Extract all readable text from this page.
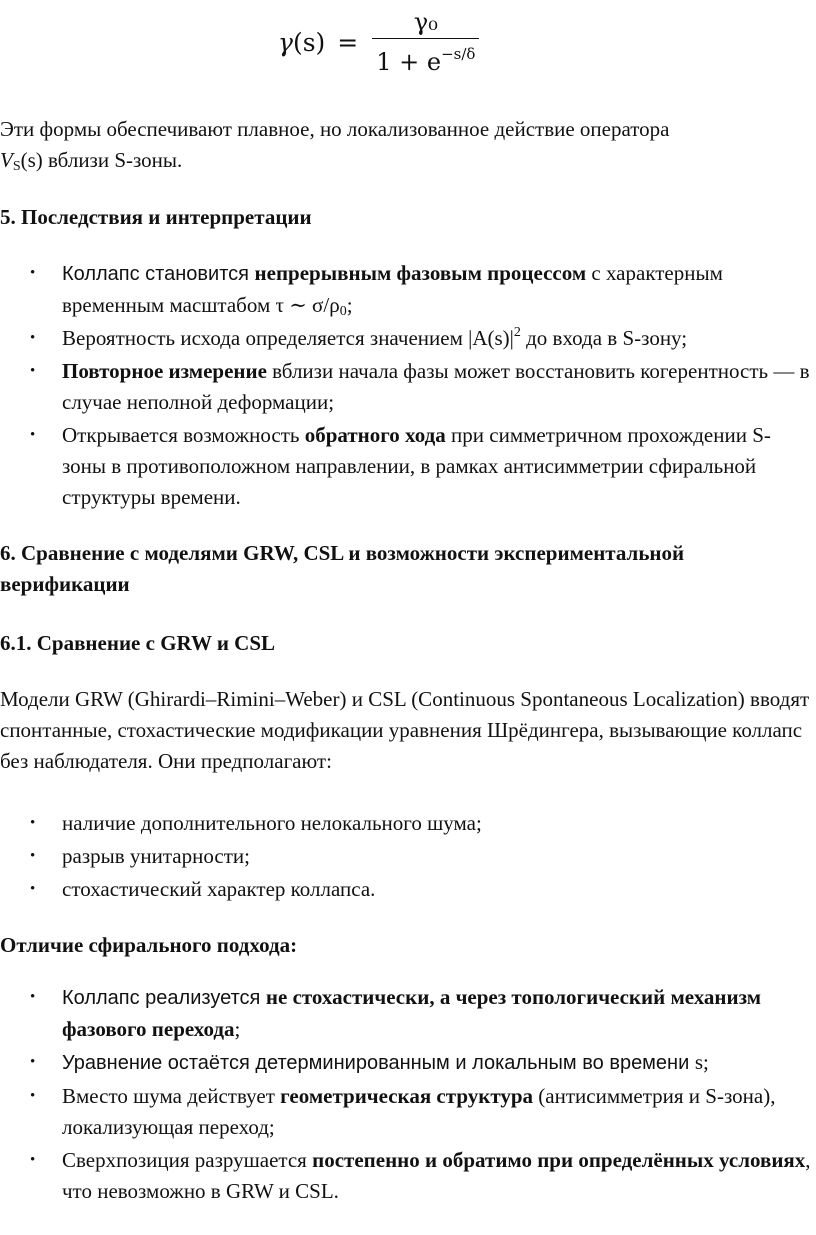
$\gamma(s) = \frac{\text{γ₀}}{1 + e^{-s/\delta}}$

Эти формы обеспечивают плавное, но локализованное действие оператора
$V_S(s)$ вблизи S-зоны.

5. Последствия и интерпретации
• Коллапс становится непрерывным фазовым процессом с характерным временным масштабом τ ∼ $\sigma/\rho_0$;
• Вероятность исхода определяется значением $|A(s)|^2$ до входа в S-зону;
• Повторное измерение вблизи начала фазы может восстановить когерентность — в случае неполной деформации;
• Открывается возможность обратного хода при симметричном прохождении S-зоны в противоположном направлении, в рамках антисимметрии сфиральной структуры времени.
6. Сравнение с моделями GRW, CSL и возможности экспериментальной верификации
6.1. Сравнение с GRW и CSL

Модели GRW (Ghirardi–Rimini–Weber) и CSL (Continuous Spontaneous Localization) вводят спонтанные, стохастические модификации уравнения Шрёдингера, вызывающие коллапс без наблюдателя. Они предполагают:

• наличие дополнительного нелокального шума;
• разрыв унитарности;
• стохастический характер коллапса.
Отличие сфирального подхода:
• Коллапс реализуется не стохастически, а через топологический механизм фазового перехода;
• Уравнение остаётся детерминированным и локальным во времени s;
• Вместо шума действует геометрическая структура (антисимметрия и S-зона), локализующая переход;
• Сверхпозиция разрушается постепенно и обратимо при определённых условиях, что невозможно в GRW и CSL.
